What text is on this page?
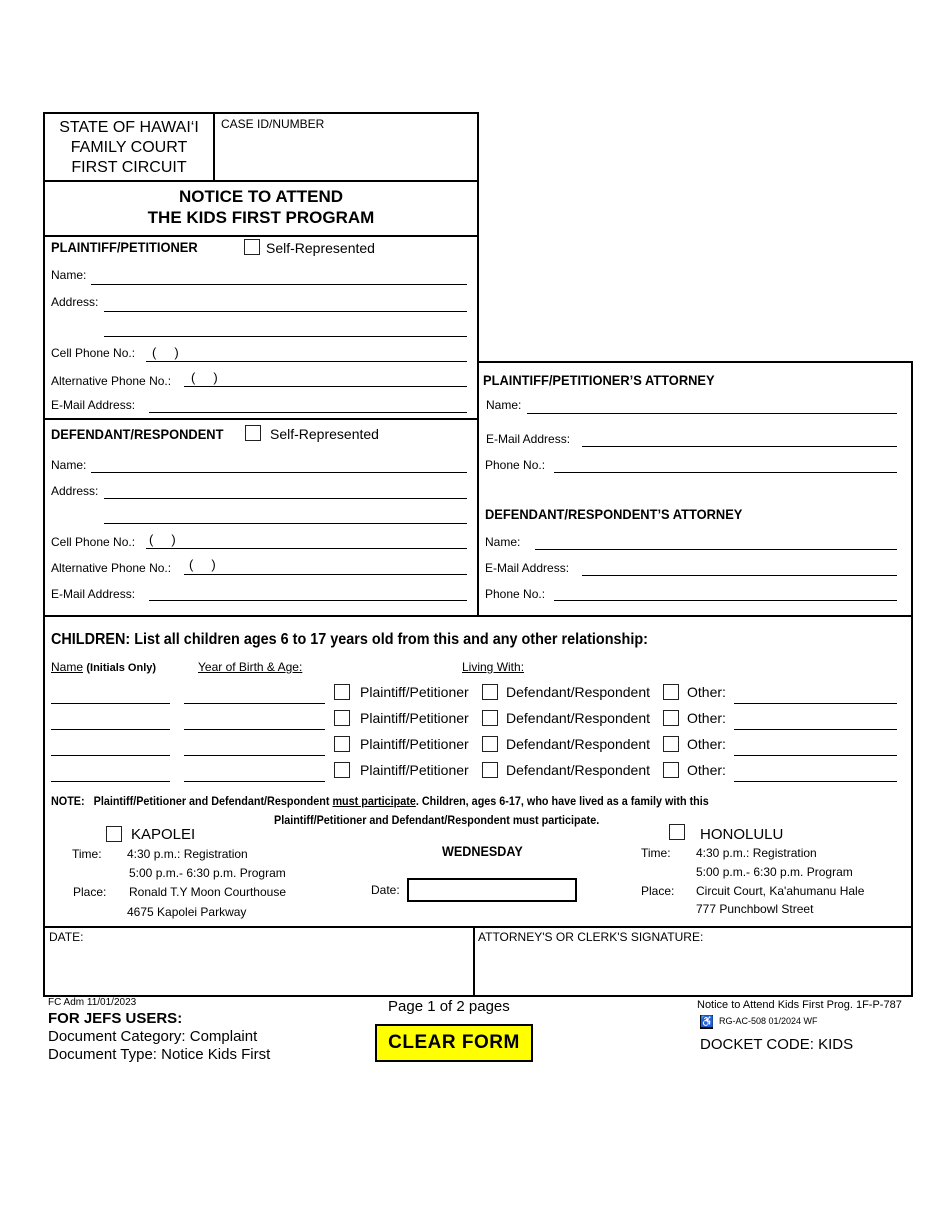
STATE OF HAWAI‘I
FAMILY COURT
FIRST CIRCUIT
CASE ID/NUMBER
NOTICE TO ATTEND
THE KIDS FIRST PROGRAM
PLAINTIFF/PETITIONER	Self-Represented
Name:
Address:
Cell Phone No.: (     )
Alternative Phone No.: (     )
E-Mail Address:
DEFENDANT/RESPONDENT	Self-Represented
Name:
Address:
Cell Phone No.: (     )
Alternative Phone No.: (     )
E-Mail Address:
PLAINTIFF/PETITIONER’S ATTORNEY
Name:
E-Mail Address:
Phone No.:
DEFENDANT/RESPONDENT’S ATTORNEY
Name:
E-Mail Address:
Phone No.:
CHILDREN: List all children ages 6 to 17 years old from this and any other relationship:
Name (Initials Only)	Year of Birth & Age:	Living With:
Plaintiff/Petitioner	Defendant/Respondent	Other:
Plaintiff/Petitioner	Defendant/Respondent	Other:
Plaintiff/Petitioner	Defendant/Respondent	Other:
Plaintiff/Petitioner	Defendant/Respondent	Other:
NOTE: Plaintiff/Petitioner and Defendant/Respondent must participate. Children, ages 6-17, who have lived as a family with this
Plaintiff/Petitioner and Defendant/Respondent must participate.
KAPOLEI
Time: 4:30 p.m.: Registration
5:00 p.m.- 6:30 p.m. Program
Place: Ronald T.Y Moon Courthouse
4675 Kapolei Parkway
WEDNESDAY
Date:
HONOLULU
Time: 4:30 p.m.: Registration
5:00 p.m.- 6:30 p.m. Program
Place: Circuit Court, Ka'ahumanu Hale
777 Punchbowl Street
DATE:	ATTORNEY'S OR CLERK'S SIGNATURE:
FC Adm 11/01/2023
FOR JEFS USERS:
Document Category: Complaint
Document Type: Notice Kids First
Page 1 of 2 pages
CLEAR FORM
Notice to Attend Kids First Prog. 1F-P-787
♿ RG-AC-508 01/2024 WF
DOCKET CODE: KIDS
